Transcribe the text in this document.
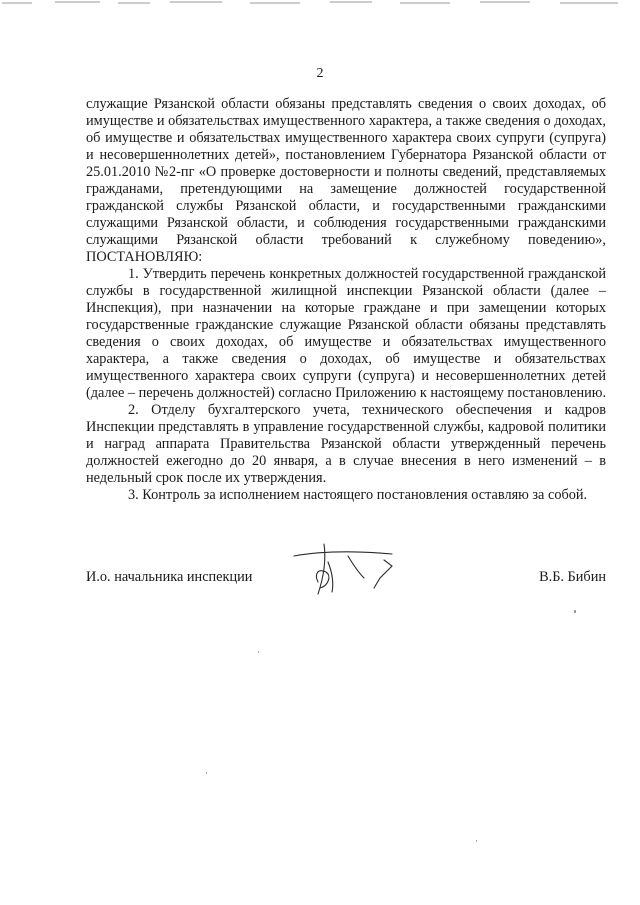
2

служащие Рязанской области обязаны представлять сведения о своих доходах, об имуществе и обязательствах имущественного характера, а также сведения о доходах, об имуществе и обязательствах имущественного характера своих супруги (супруга) и несовершеннолетних детей», постановлением Губернатора Рязанской области от 25.01.2010 №2-пг «О проверке достоверности и полноты сведений, представляемых гражданами, претендующими на замещение должностей государственной гражданской службы Рязанской области, и государственными гражданскими служащими Рязанской области, и соблюдения государственными гражданскими служащими Рязанской области требований к служебному поведению», ПОСТАНОВЛЯЮ:

1. Утвердить перечень конкретных должностей государственной гражданской службы в государственной жилищной инспекции Рязанской области (далее – Инспекция), при назначении на которые граждане и при замещении которых государственные гражданские служащие Рязанской области обязаны представлять сведения о своих доходах, об имуществе и обязательствах имущественного характера, а также сведения о доходах, об имуществе и обязательствах имущественного характера своих супруги (супруга) и несовершеннолетних детей (далее – перечень должностей) согласно Приложению к настоящему постановлению.

2. Отделу бухгалтерского учета, технического обеспечения и кадров Инспекции представлять в управление государственной службы, кадровой политики и наград аппарата Правительства Рязанской области утвержденный перечень должностей ежегодно до 20 января, а в случае внесения в него изменений – в недельный срок после их утверждения.

3. Контроль за исполнением настоящего постановления оставляю за собой.

И.о. начальника инспекции	В.Б. Бибин
